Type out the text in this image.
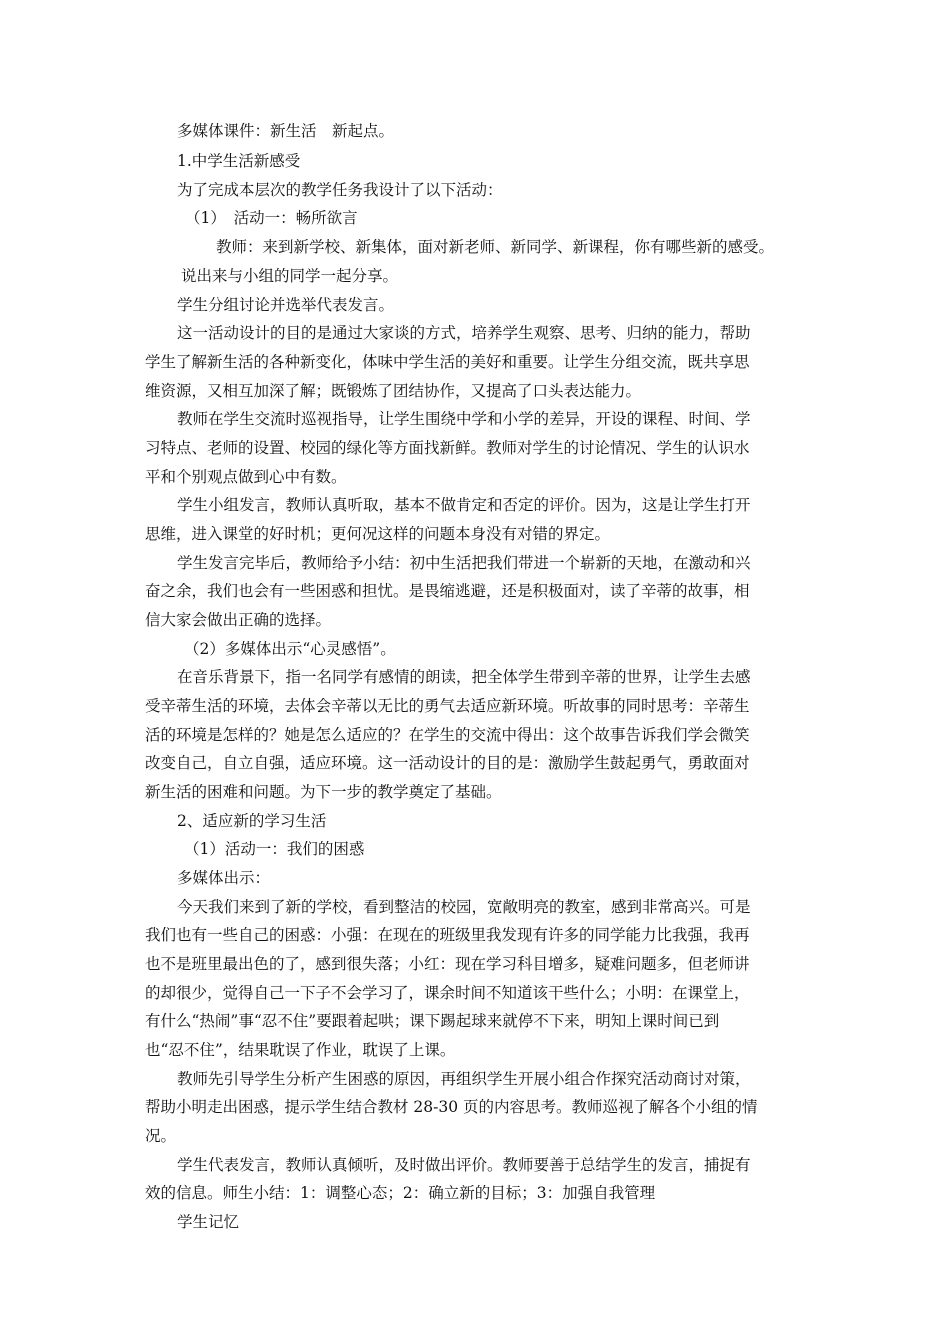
多媒体课件：新生活　新起点。
1.中学生活新感受
为了完成本层次的教学任务我设计了以下活动：
（1）　活动一：畅所欲言
教师：来到新学校、新集体，面对新老师、新同学、新课程，你有哪些新的感受。
说出来与小组的同学一起分享。
学生分组讨论并选举代表发言。
这一活动设计的目的是通过大家谈的方式，培养学生观察、思考、归纳的能力，帮助
学生了解新生活的各种新变化，体味中学生活的美好和重要。让学生分组交流，既共享思
维资源，又相互加深了解；既锻炼了团结协作，又提高了口头表达能力。
教师在学生交流时巡视指导，让学生围绕中学和小学的差异，开设的课程、时间、学
习特点、老师的设置、校园的绿化等方面找新鲜。教师对学生的讨论情况、学生的认识水
平和个别观点做到心中有数。
学生小组发言，教师认真听取，基本不做肯定和否定的评价。因为，这是让学生打开
思维，进入课堂的好时机；更何况这样的问题本身没有对错的界定。
学生发言完毕后，教师给予小结：初中生活把我们带进一个崭新的天地，在激动和兴
奋之余，我们也会有一些困惑和担忧。是畏缩逃避，还是积极面对，读了辛蒂的故事，相
信大家会做出正确的选择。
（2）多媒体出示“心灵感悟”。
在音乐背景下，指一名同学有感情的朗读，把全体学生带到辛蒂的世界，让学生去感
受辛蒂生活的环境，去体会辛蒂以无比的勇气去适应新环境。听故事的同时思考：辛蒂生
活的环境是怎样的？她是怎么适应的？在学生的交流中得出：这个故事告诉我们学会微笑
改变自己，自立自强，适应环境。这一活动设计的目的是：激励学生鼓起勇气，勇敢面对
新生活的困难和问题。为下一步的教学奠定了基础。
2、适应新的学习生活
（1）活动一：我们的困惑
多媒体出示：
今天我们来到了新的学校，看到整洁的校园，宽敞明亮的教室，感到非常高兴。可是
我们也有一些自己的困惑：小强：在现在的班级里我发现有许多的同学能力比我强，我再
也不是班里最出色的了，感到很失落；小红：现在学习科目增多，疑难问题多，但老师讲
的却很少，觉得自己一下子不会学习了，课余时间不知道该干些什么；小明：在课堂上，
有什么“热闹”事“忍不住”要跟着起哄；课下踢起球来就停不下来，明知上课时间已到
也“忍不住”，结果耽误了作业，耽误了上课。
教师先引导学生分析产生困惑的原因，再组织学生开展小组合作探究活动商讨对策，
帮助小明走出困惑，提示学生结合教材 28-30 页的内容思考。教师巡视了解各个小组的情
况。
学生代表发言，教师认真倾听，及时做出评价。教师要善于总结学生的发言，捕捉有
效的信息。师生小结：1：调整心态；2：确立新的目标；3：加强自我管理
学生记忆
